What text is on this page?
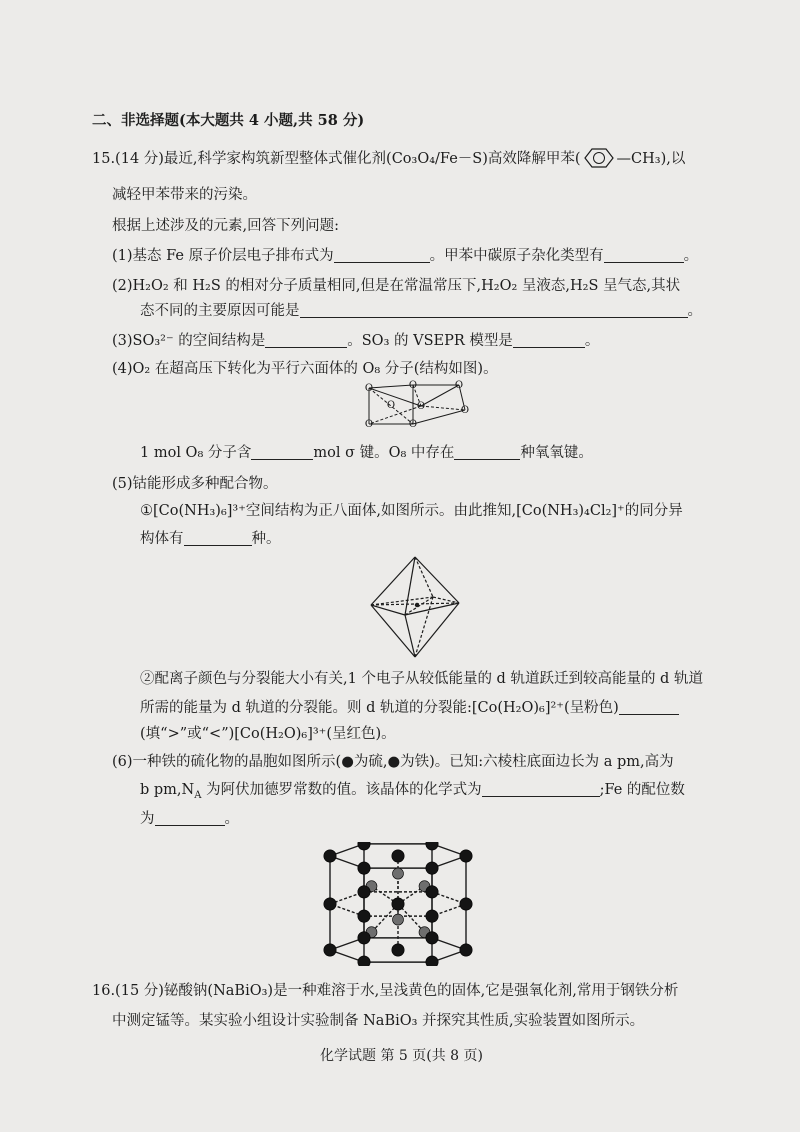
二、非选择题(本大题共 4 小题,共 58 分)
15.(14 分)最近,科学家构筑新型整体式催化剂(Co₃O₄/Fe－S)高效降解甲苯( —CH₃),以
减轻甲苯带来的污染。
根据上述涉及的元素,回答下列问题:
(1)基态 Fe 原子价层电子排布式为	。甲苯中碳原子杂化类型有	。
(2)H₂O₂ 和 H₂S 的相对分子质量相同,但是在常温常压下,H₂O₂ 呈液态,H₂S 呈气态,其状
态不同的主要原因可能是	。
(3)SO₃²⁻ 的空间结构是	。SO₃ 的 VSEPR 模型是	。
(4)O₂ 在超高压下转化为平行六面体的 O₈ 分子(结构如图)。
O	O	O
O	O
O	O
O
1 mol O₈ 分子含	mol σ 键。O₈ 中存在	种氧氧键。
(5)钴能形成多种配合物。
①[Co(NH₃)₆]³⁺空间结构为正八面体,如图所示。由此推知,[Co(NH₃)₄Cl₂]⁺的同分异
构体有	种。
②配离子颜色与分裂能大小有关,1 个电子从较低能量的 d 轨道跃迁到较高能量的 d 轨道
所需的能量为 d 轨道的分裂能。则 d 轨道的分裂能:[Co(H₂O)₆]²⁺(呈粉色)
(填“>”或“<”)[Co(H₂O)₆]³⁺(呈红色)。
(6)一种铁的硫化物的晶胞如图所示(●为硫,●为铁)。已知:六棱柱底面边长为 a pm,高为
b $pm,N_A$ 为阿伏加德罗常数的值。该晶体的化学式为	;Fe 的配位数
为	。
16.(15 分)铋酸钠(NaBiO₃)是一种难溶于水,呈浅黄色的固体,它是强氧化剂,常用于钢铁分析
中测定锰等。某实验小组设计实验制备 NaBiO₃ 并探究其性质,实验装置如图所示。
化学试题 第 5 页(共 8 页)
